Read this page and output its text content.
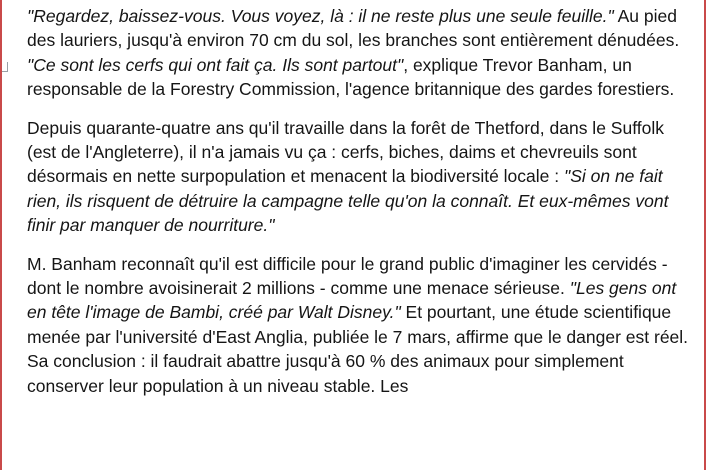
"Regardez, baissez-vous. Vous voyez, là : il ne reste plus une seule feuille." Au pied des lauriers, jusqu'à environ 70 cm du sol, les branches sont entièrement dénudées. "Ce sont les cerfs qui ont fait ça. Ils sont partout", explique Trevor Banham, un responsable de la Forestry Commission, l'agence britannique des gardes forestiers.

Depuis quarante-quatre ans qu'il travaille dans la forêt de Thetford, dans le Suffolk (est de l'Angleterre), il n'a jamais vu ça : cerfs, biches, daims et chevreuils sont désormais en nette surpopulation et menacent la biodiversité locale : "Si on ne fait rien, ils risquent de détruire la campagne telle qu'on la connaît. Et eux-mêmes vont finir par manquer de nourriture."

M. Banham reconnaît qu'il est difficile pour le grand public d'imaginer les cervidés - dont le nombre avoisinerait 2 millions - comme une menace sérieuse. "Les gens ont en tête l'image de Bambi, créé par Walt Disney." Et pourtant, une étude scientifique menée par l'université d'East Anglia, publiée le 7 mars, affirme que le danger est réel. Sa conclusion : il faudrait abattre jusqu'à 60 % des animaux pour simplement conserver leur population à un niveau stable. Les
